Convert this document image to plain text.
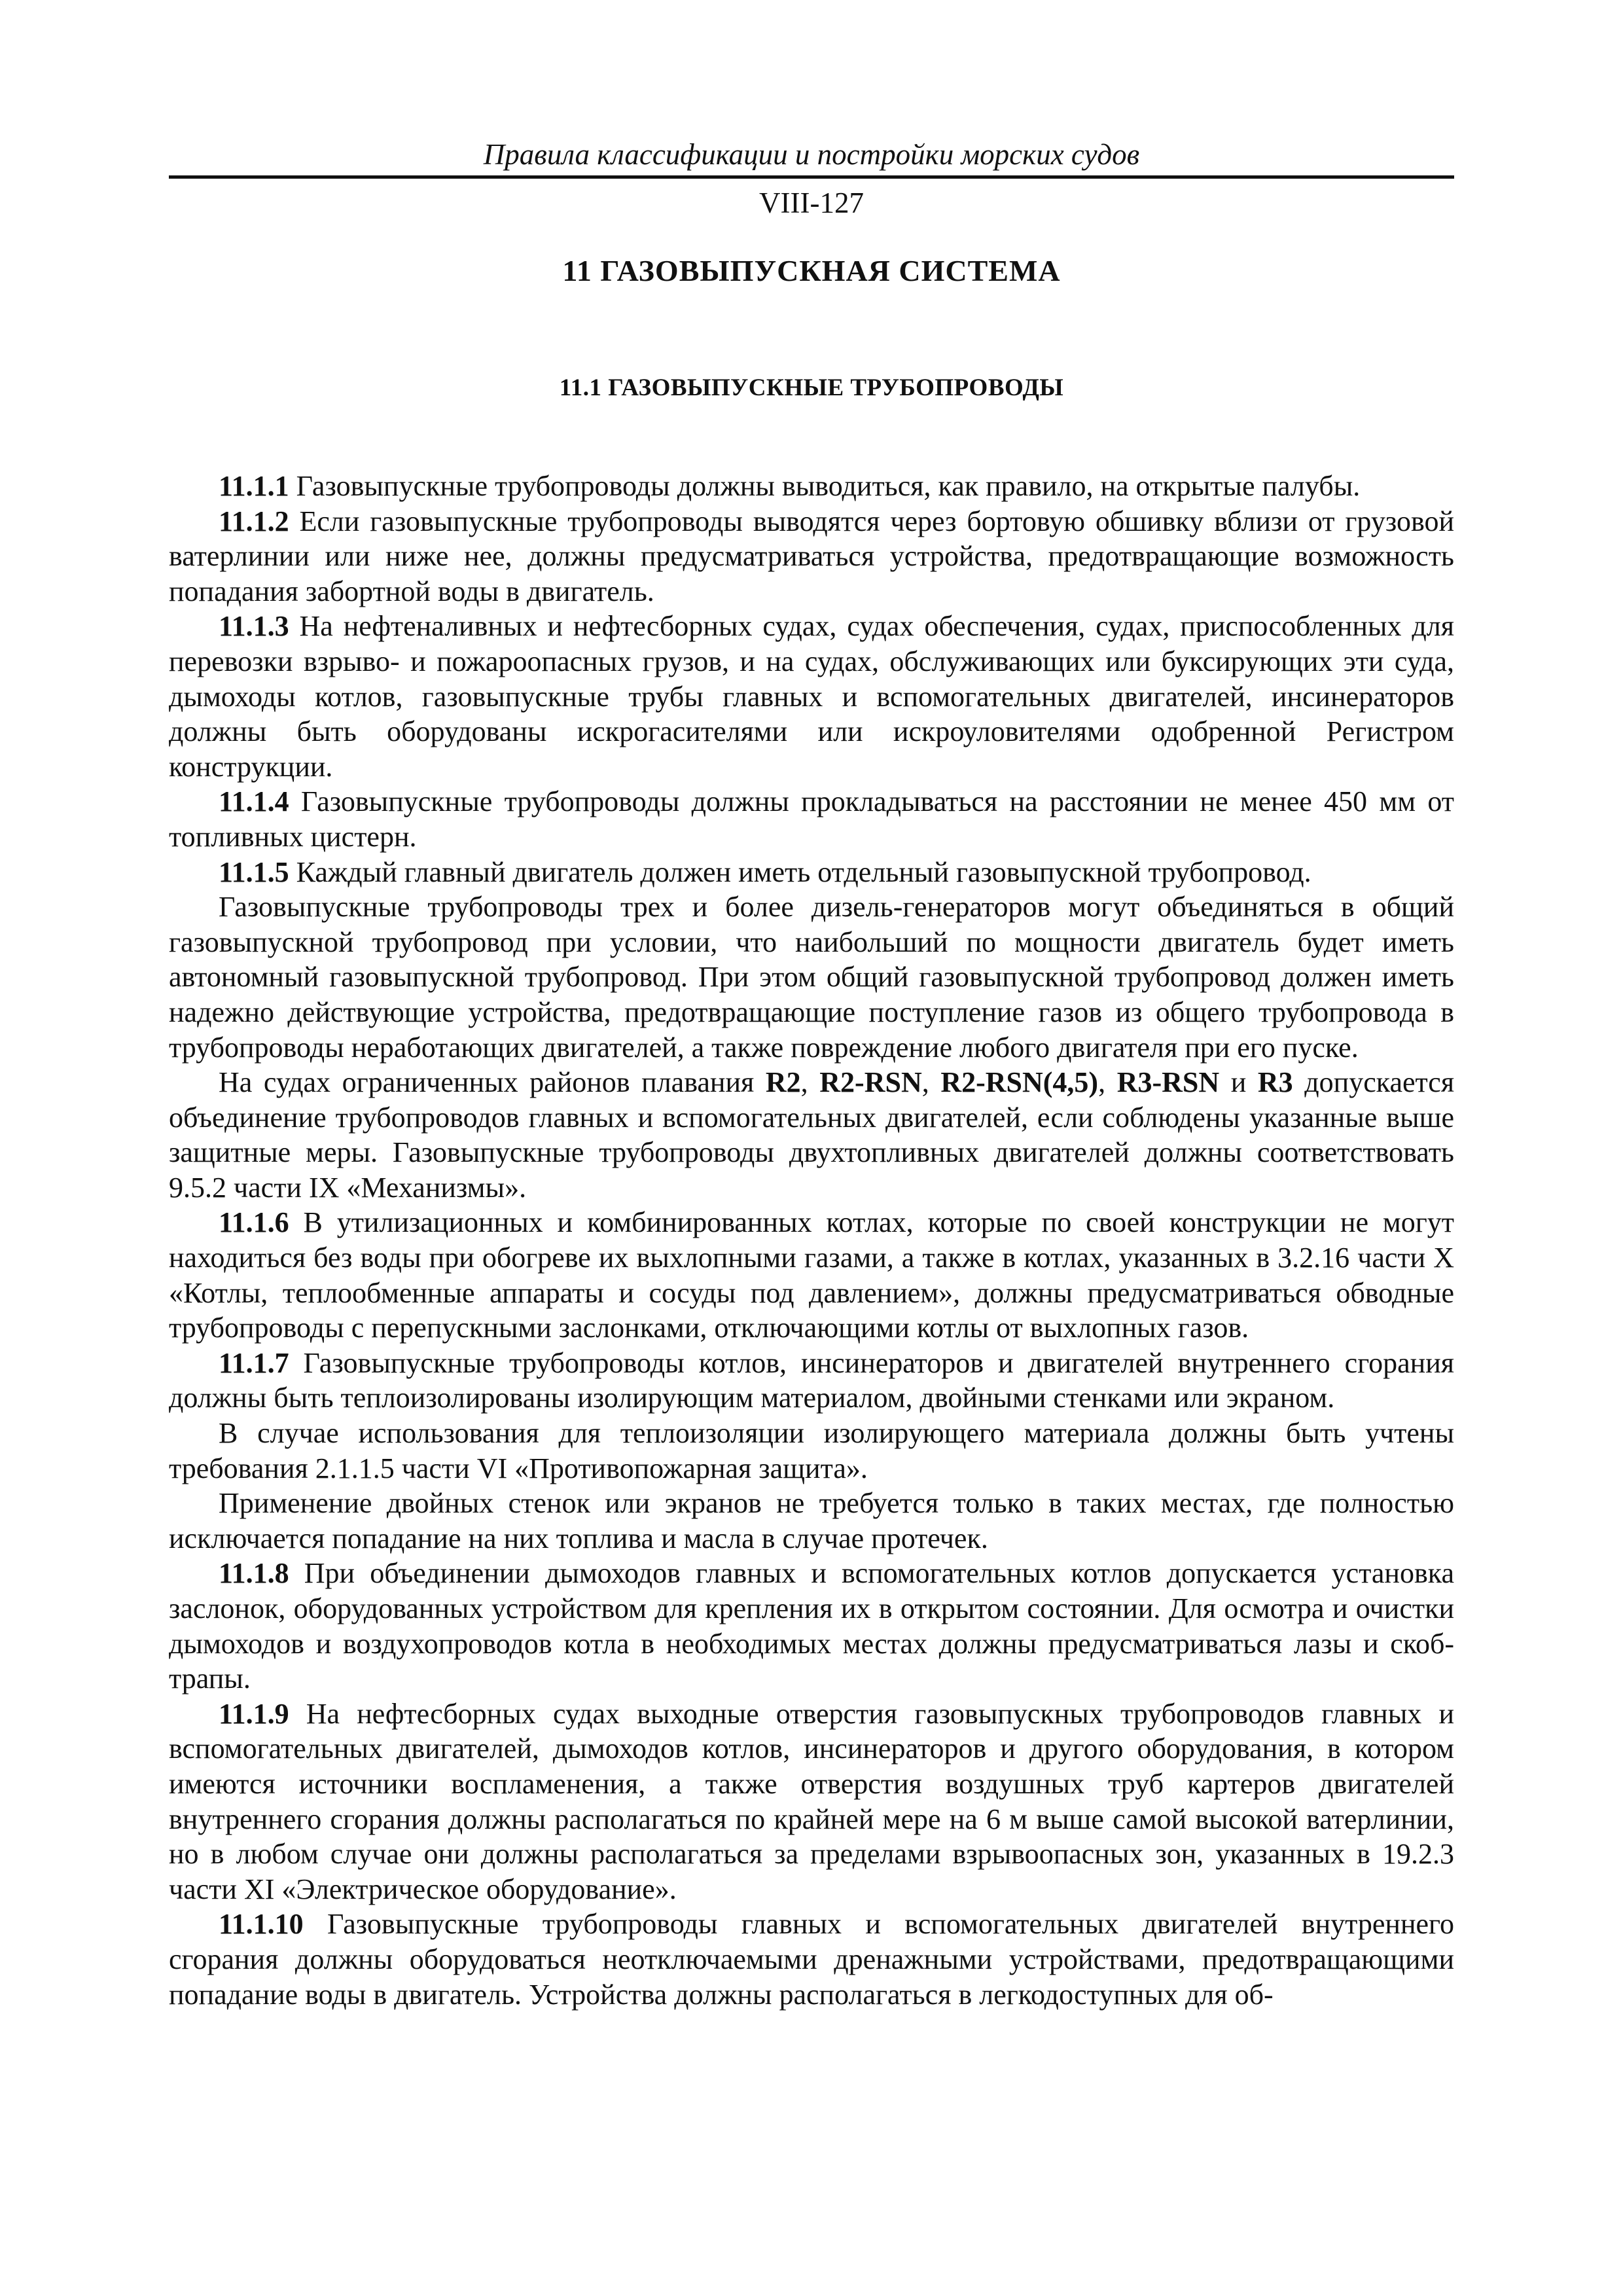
Правила классификации и постройки морских судов
VIII-127
11 ГАЗОВЫПУСКНАЯ СИСТЕМА
11.1 ГАЗОВЫПУСКНЫЕ ТРУБОПРОВОДЫ

11.1.1 Газовыпускные трубопроводы должны выводиться, как правило, на открытые палубы.

11.1.2 Если газовыпускные трубопроводы выводятся через бортовую обшивку вблизи от грузовой ватерлинии или ниже нее, должны предусматриваться устройства, предотвращающие возможность попадания забортной воды в двигатель.

11.1.3 На нефтеналивных и нефтесборных судах, судах обеспечения, судах, приспособленных для перевозки взрыво- и пожароопасных грузов, и на судах, обслуживающих или буксирующих эти суда, дымоходы котлов, газовыпускные трубы главных и вспомогательных двигателей, инсинераторов должны быть оборудованы искрогасителями или искроуловителями одобренной Регистром конструкции.

11.1.4 Газовыпускные трубопроводы должны прокладываться на расстоянии не менее 450 мм от топливных цистерн.

11.1.5 Каждый главный двигатель должен иметь отдельный газовыпускной трубопровод.

Газовыпускные трубопроводы трех и более дизель-генераторов могут объединяться в общий газовыпускной трубопровод при условии, что наибольший по мощности двигатель будет иметь автономный газовыпускной трубопровод. При этом общий газовыпускной трубопровод должен иметь надежно действующие устройства, предотвращающие поступление газов из общего трубопровода в трубопроводы неработающих двигателей, а также повреждение любого двигателя при его пуске.

На судах ограниченных районов плавания R2, R2-RSN, R2-RSN(4,5), R3-RSN и R3 допускается объединение трубопроводов главных и вспомогательных двигателей, если соблюдены указанные выше защитные меры. Газовыпускные трубопроводы двухтопливных двигателей должны соответствовать 9.5.2 части IX «Механизмы».

11.1.6 В утилизационных и комбинированных котлах, которые по своей конструкции не могут находиться без воды при обогреве их выхлопными газами, а также в котлах, указанных в 3.2.16 части X «Котлы, теплообменные аппараты и сосуды под давлением», должны предусматриваться обводные трубопроводы с перепускными заслонками, отключающими котлы от выхлопных газов.

11.1.7 Газовыпускные трубопроводы котлов, инсинераторов и двигателей внутреннего сгорания должны быть теплоизолированы изолирующим материалом, двойными стенками или экраном.

В случае использования для теплоизоляции изолирующего материала должны быть учтены требования 2.1.1.5 части VI «Противопожарная защита».

Применение двойных стенок или экранов не требуется только в таких местах, где полностью исключается попадание на них топлива и масла в случае протечек.

11.1.8 При объединении дымоходов главных и вспомогательных котлов допускается установка заслонок, оборудованных устройством для крепления их в открытом состоянии. Для осмотра и очистки дымоходов и воздухопроводов котла в необходимых местах должны предусматриваться лазы и скоб-трапы.

11.1.9 На нефтесборных судах выходные отверстия газовыпускных трубопроводов главных и вспомогательных двигателей, дымоходов котлов, инсинераторов и другого оборудования, в котором имеются источники воспламенения, а также отверстия воздушных труб картеров двигателей внутреннего сгорания должны располагаться по крайней мере на 6 м выше самой высокой ватерлинии, но в любом случае они должны располагаться за пределами взрывоопасных зон, указанных в 19.2.3 части XI «Электрическое оборудование».

11.1.10 Газовыпускные трубопроводы главных и вспомогательных двигателей внутреннего сгорания должны оборудоваться неотключаемыми дренажными устройствами, предотвращающими попадание воды в двигатель. Устройства должны располагаться в легкодоступных для об-
